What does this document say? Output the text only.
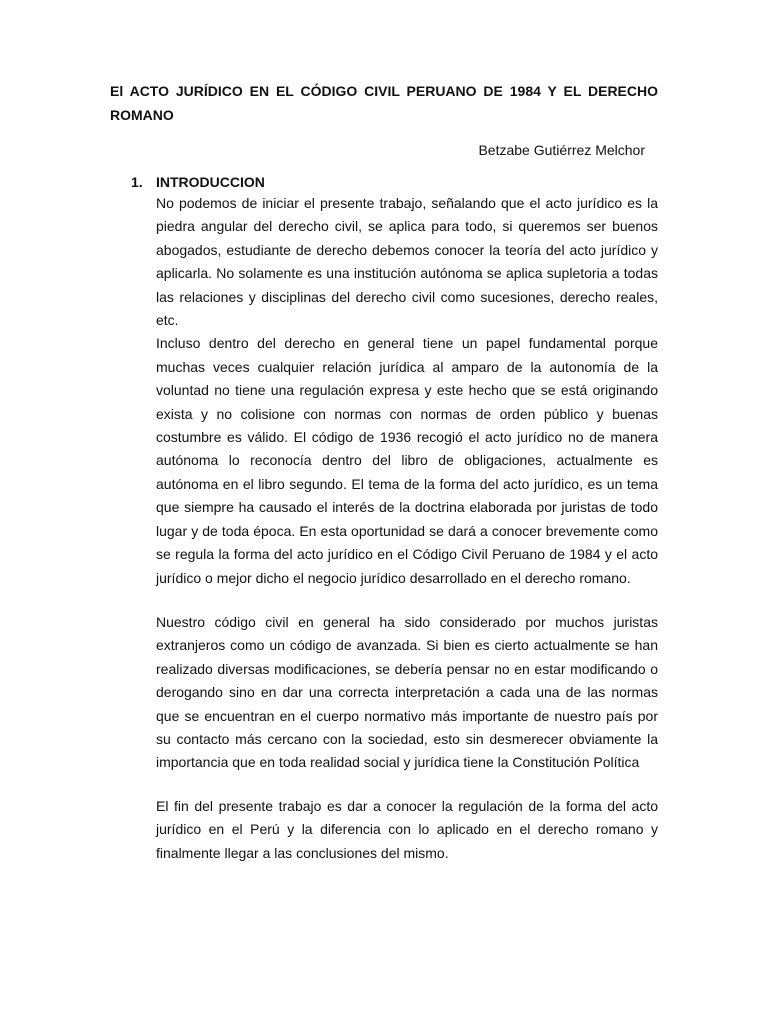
El ACTO JURÍDICO EN EL CÓDIGO CIVIL PERUANO DE 1984 Y EL DERECHO ROMANO
Betzabe Gutiérrez Melchor
1. INTRODUCCION

No podemos de iniciar el presente trabajo, señalando que el acto jurídico es la piedra angular del derecho civil, se aplica para todo, si queremos ser buenos abogados, estudiante de derecho debemos conocer la teoría del acto jurídico y aplicarla. No solamente es una institución autónoma se aplica supletoria a todas las relaciones y disciplinas del derecho civil como sucesiones, derecho reales, etc.

Incluso dentro del derecho en general tiene un papel fundamental porque muchas veces cualquier relación jurídica al amparo de la autonomía de la voluntad no tiene una regulación expresa y este hecho que se está originando exista y no colisione con normas con normas de orden público y buenas costumbre es válido. El código de 1936 recogió el acto jurídico no de manera autónoma lo reconocía dentro del libro de obligaciones, actualmente es autónoma en el libro segundo. El tema de la forma del acto jurídico, es un tema que siempre ha causado el interés de la doctrina elaborada por juristas de todo lugar y de toda época. En esta oportunidad se dará a conocer brevemente como se regula la forma del acto jurídico en el Código Civil Peruano de 1984 y el acto jurídico o mejor dicho el negocio jurídico desarrollado en el derecho romano.

Nuestro código civil en general ha sido considerado por muchos juristas extranjeros como un código de avanzada. Si bien es cierto actualmente se han realizado diversas modificaciones, se debería pensar no en estar modificando o derogando sino en dar una correcta interpretación a cada una de las normas que se encuentran en el cuerpo normativo más importante de nuestro país por su contacto más cercano con la sociedad, esto sin desmerecer obviamente la importancia que en toda realidad social y jurídica tiene la Constitución Política

El fin del presente trabajo es dar a conocer la regulación de la forma del acto jurídico en el Perú y la diferencia con lo aplicado en el derecho romano y finalmente llegar a las conclusiones del mismo.
